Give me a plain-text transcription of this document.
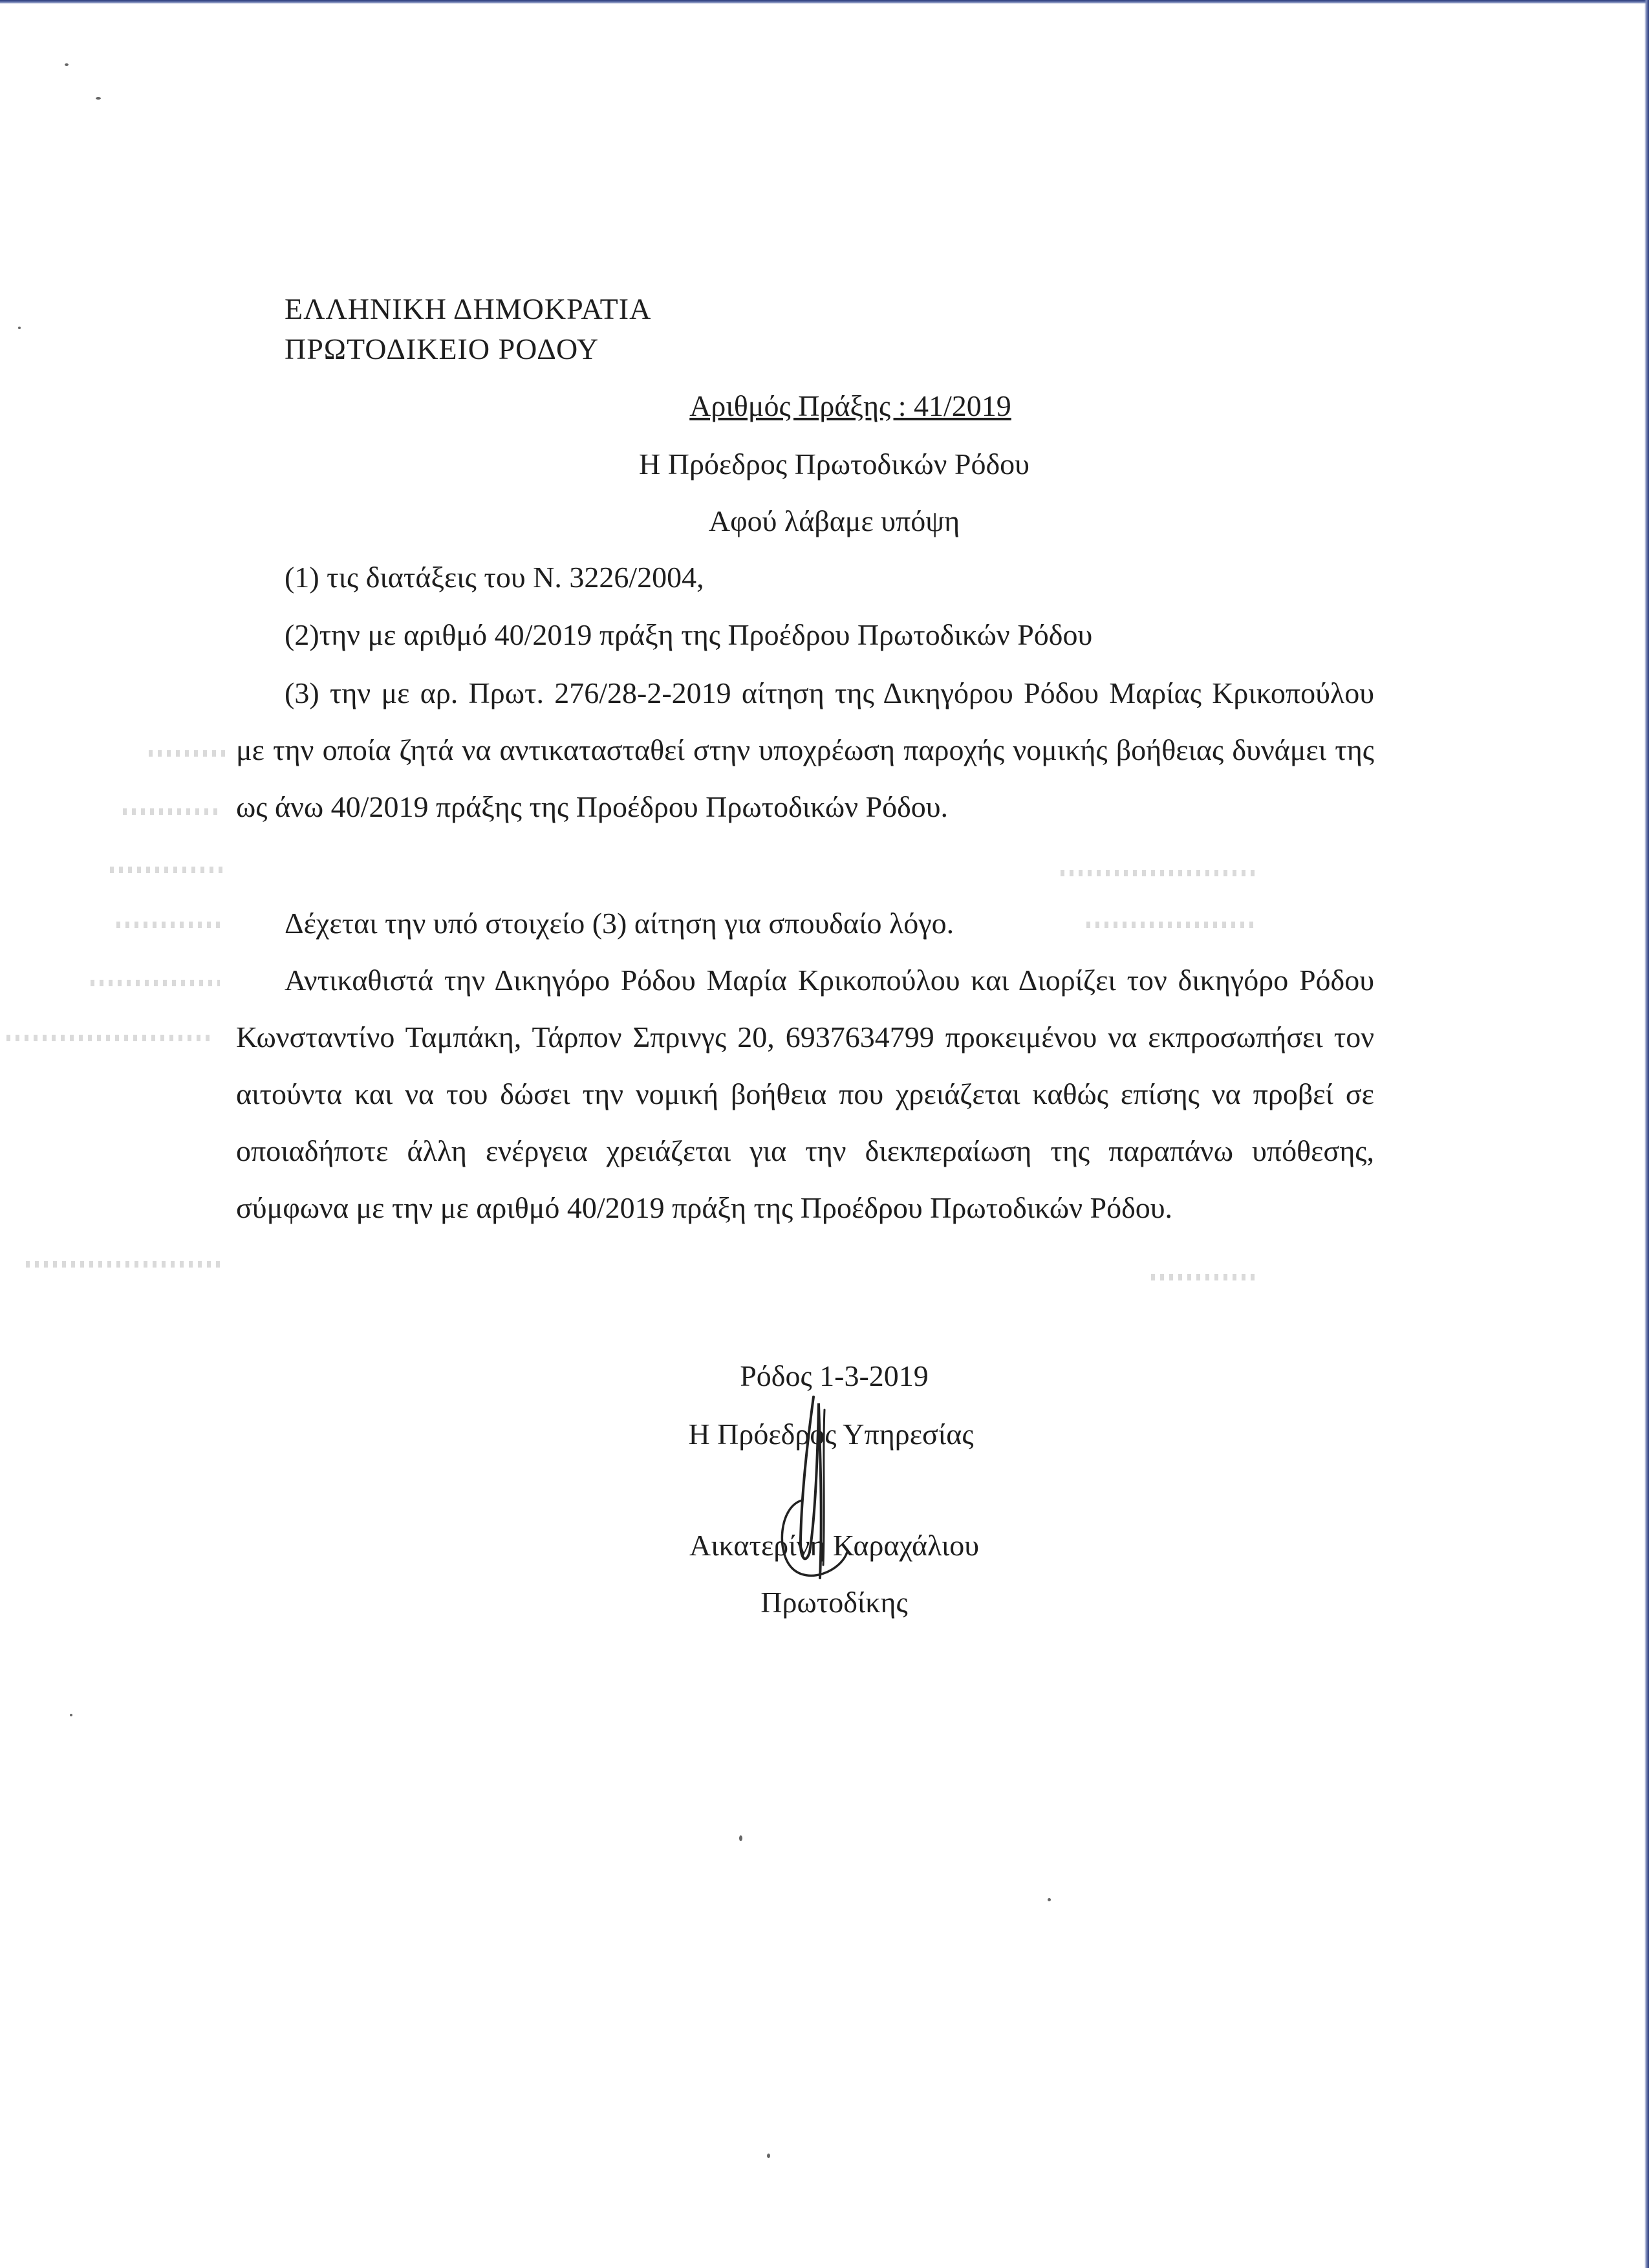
ΕΛΛΗΝΙΚΗ ΔΗΜΟΚΡΑΤΙΑ
ΠΡΩΤΟΔΙΚΕΙΟ ΡΟΔΟΥ
Αριθμός Πράξης : 41/2019
Η Πρόεδρος Πρωτοδικών Ρόδου
Αφού λάβαμε υπόψη
(1) τις διατάξεις του Ν. 3226/2004,
(2)την με αριθμό 40/2019 πράξη της Προέδρου Πρωτοδικών Ρόδου
(3) την με αρ. Πρωτ. 276/28-2-2019 αίτηση της Δικηγόρου Ρόδου Μαρίας Κρικοπούλου με την οποία ζητά να αντικατασταθεί στην υποχρέωση παροχής νομικής βοήθειας δυνάμει της ως άνω 40/2019 πράξης της Προέδρου Πρωτοδικών Ρόδου.
Δέχεται την υπό στοιχείο (3) αίτηση για σπουδαίο λόγο.
Αντικαθιστά την Δικηγόρο Ρόδου Μαρία Κρικοπούλου και Διορίζει τον δικηγόρο Ρόδου Κωνσταντίνο Ταμπάκη, Τάρπον Σπρινγς 20, 6937634799 προκειμένου να εκπροσωπήσει τον αιτούντα και να του δώσει την νομική βοήθεια που χρειάζεται καθώς επίσης να προβεί σε οποιαδήποτε άλλη ενέργεια χρειάζεται για την διεκπεραίωση της παραπάνω υπόθεσης, σύμφωνα με την με αριθμό 40/2019 πράξη της Προέδρου Πρωτοδικών Ρόδου.
Ρόδος 1-3-2019
Η Πρόεδρος Υπηρεσίας
Αικατερίνη Καραχάλιου
Πρωτοδίκης
